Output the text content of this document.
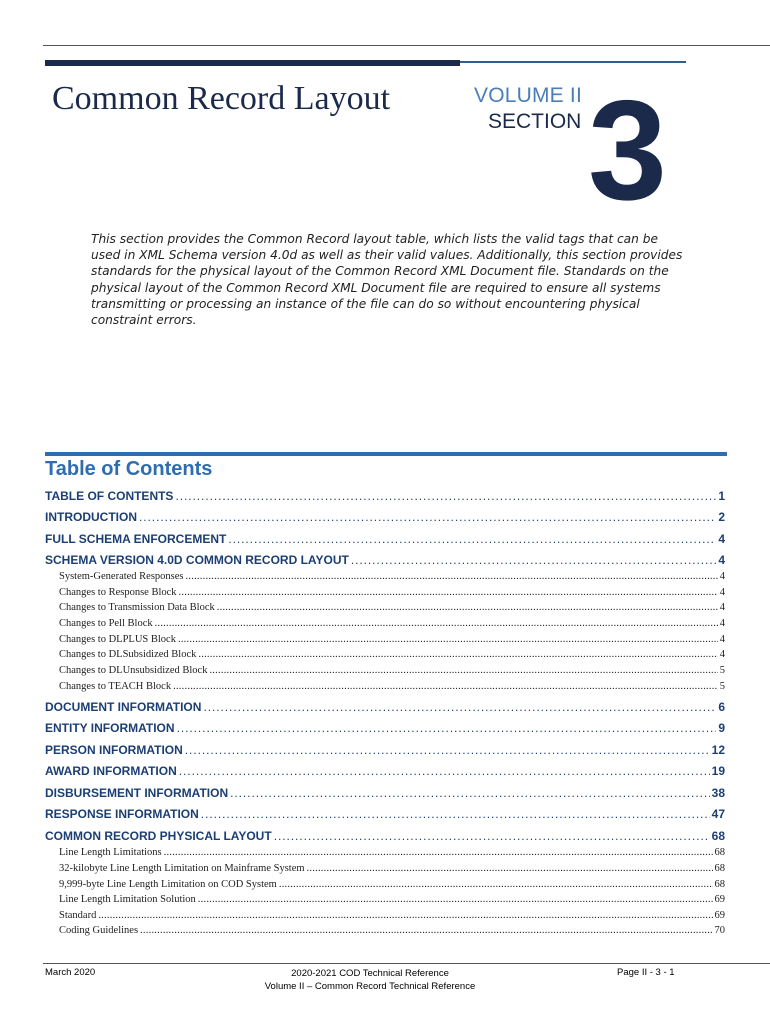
Common Record Layout	VOLUME II
SECTION 3
This section provides the Common Record layout table, which lists the valid tags that can be used in XML Schema version 4.0d as well as their valid values. Additionally, this section provides standards for the physical layout of the Common Record XML Document file. Standards on the physical layout of the Common Record XML Document file are required to ensure all systems transmitting or processing an instance of the file can do so without encountering physical constraint errors.
Table of Contents
TABLE OF CONTENTS . . .	1
INTRODUCTION . . .	2
FULL SCHEMA ENFORCEMENT . . .	4
SCHEMA VERSION 4.0D COMMON RECORD LAYOUT . . .	4
System-Generated Responses . . .	4
Changes to Response Block . . .	4
Changes to Transmission Data Block . . .	4
Changes to Pell Block . . .	4
Changes to DLPLUS Block . . .	4
Changes to DLSubsidized Block . . .	4
Changes to DLUnsubsidized Block . . .	5
Changes to TEACH Block . . .	5
DOCUMENT INFORMATION . . .	6
ENTITY INFORMATION . . .	9
PERSON INFORMATION . . .	12
AWARD INFORMATION . . .	19
DISBURSEMENT INFORMATION . . .	38
RESPONSE INFORMATION . . .	47
COMMON RECORD PHYSICAL LAYOUT . . .	68
Line Length Limitations . . .	68
32-kilobyte Line Length Limitation on Mainframe System . . .	68
9,999-byte Line Length Limitation on COD System . . .	68
Line Length Limitation Solution . . .	69
Standard . . .	69
Coding Guidelines . . .	70
March 2020	2020-2021 COD Technical Reference
Volume II – Common Record Technical Reference
Page II - 3 - 1
